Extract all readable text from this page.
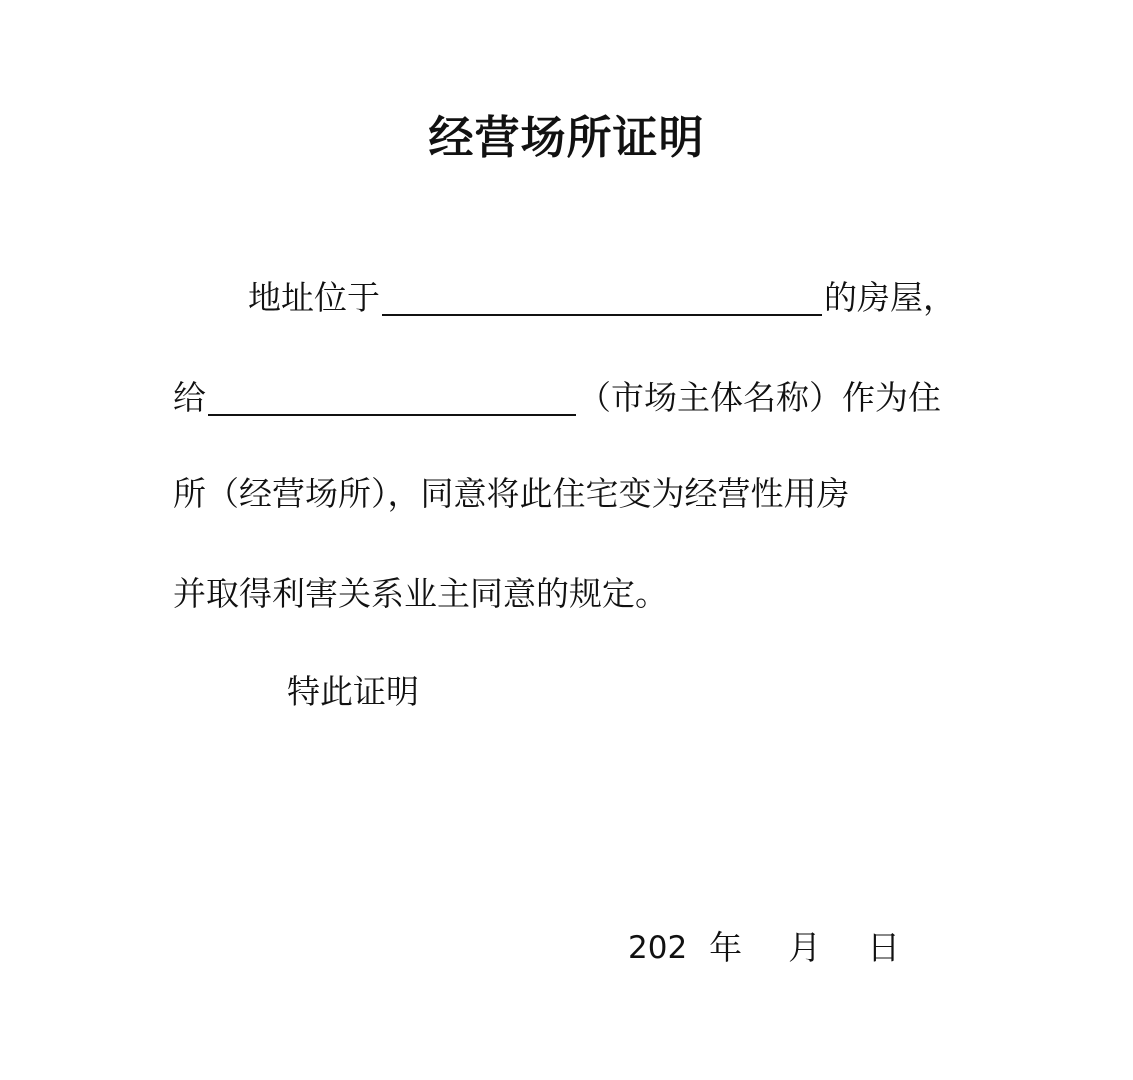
经营场所证明
地址位于	的房屋，
给	（市场主体名称）作为住
所（经营场所），同意将此住宅变为经营性用房
并取得利害关系业主同意的规定。
特此证明
202 年 月 日
